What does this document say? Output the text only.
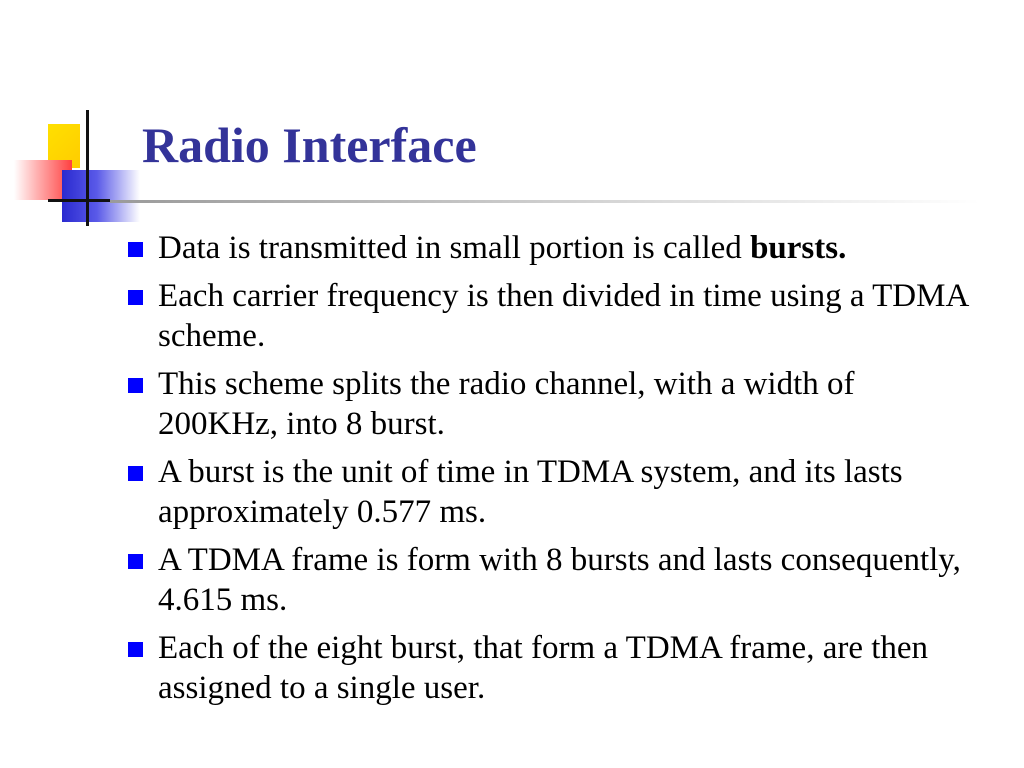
Radio Interface
Data is transmitted in small portion is called bursts.
Each carrier frequency is then divided in time using a TDMA scheme.
This scheme splits the radio channel, with a width of 200KHz, into 8 burst.
A burst is the unit of time in TDMA system, and its lasts approximately 0.577 ms.
A TDMA frame is form with 8 bursts and lasts consequently, 4.615 ms.
Each of the eight burst, that form a TDMA frame, are then assigned to a single user.
